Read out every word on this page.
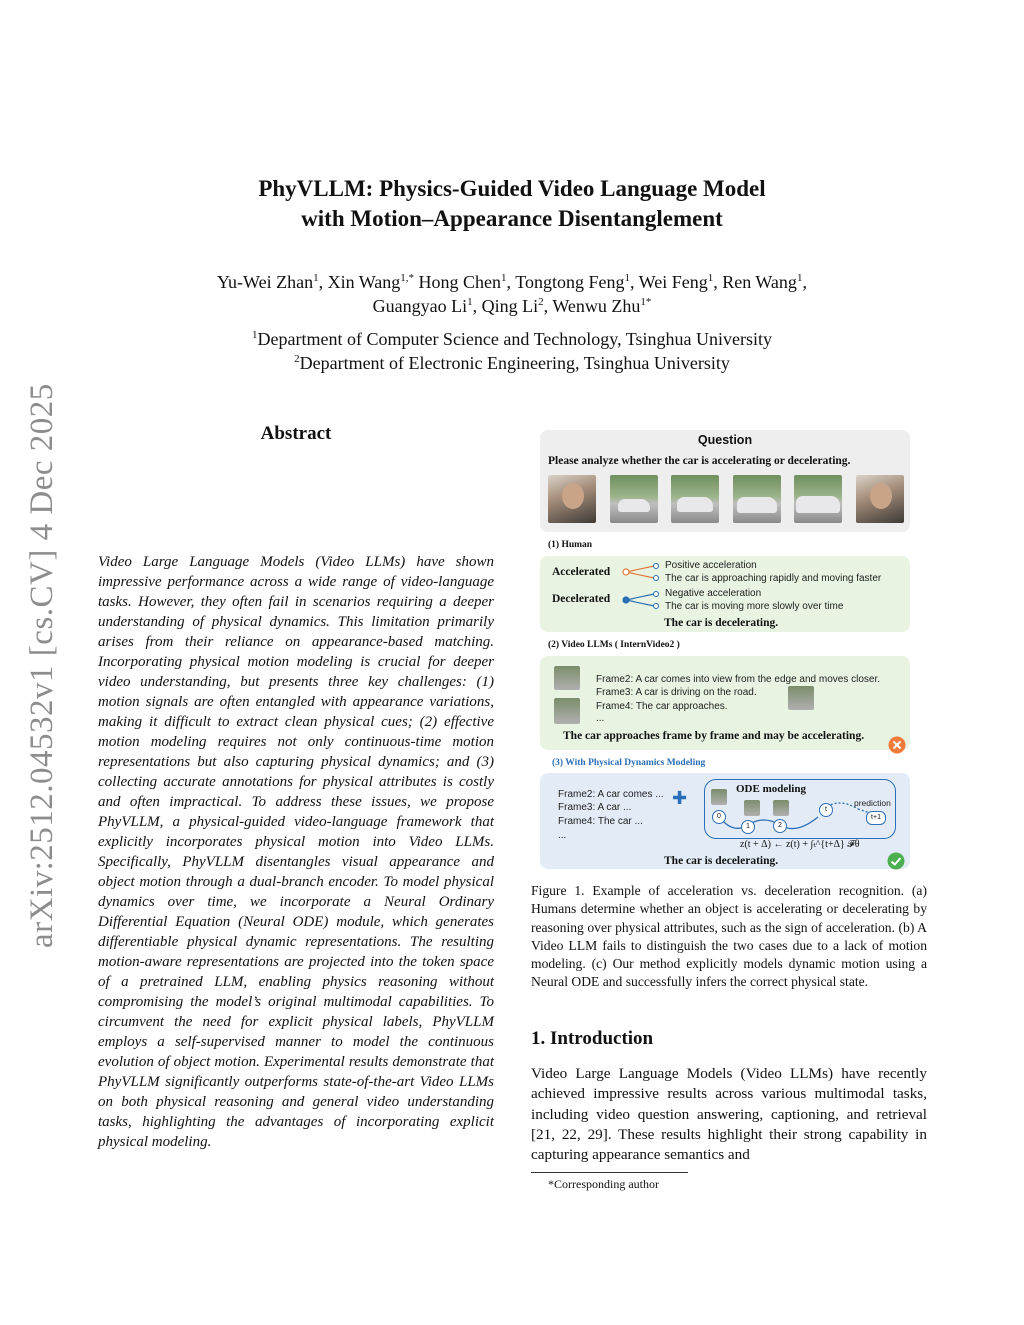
arXiv:2512.04532v1 [cs.CV] 4 Dec 2025
PhyVLLM: Physics-Guided Video Language Model
with Motion–Appearance Disentanglement
Yu-Wei Zhan$^1$, Xin Wang$^{1,*}$ Hong Chen$^1$, Tongtong Feng$^1$, Wei Feng$^1$, Ren Wang$^1$,
Guangyao Li$^1$, Qing Li$^2$, Wenwu Zhu$^{1*}$
$^1$Department of Computer Science and Technology, Tsinghua University
$^2$Department of Electronic Engineering, Tsinghua University
Abstract
Video Large Language Models (Video LLMs) have shown impressive performance across a wide range of video-language tasks. However, they often fail in scenarios requiring a deeper understanding of physical dynamics. This limitation primarily arises from their reliance on appearance-based matching. Incorporating physical motion modeling is crucial for deeper video understanding, but presents three key challenges: (1) motion signals are often entangled with appearance variations, making it difficult to extract clean physical cues; (2) effective motion modeling requires not only continuous-time motion representations but also capturing physical dynamics; and (3) collecting accurate annotations for physical attributes is costly and often impractical. To address these issues, we propose PhyVLLM, a physical-guided video-language framework that explicitly incorporates physical motion into Video LLMs. Specifically, PhyVLLM disentangles visual appearance and object motion through a dual-branch encoder. To model physical dynamics over time, we incorporate a Neural Ordinary Differential Equation (Neural ODE) module, which generates differentiable physical dynamic representations. The resulting motion-aware representations are projected into the token space of a pretrained LLM, enabling physics reasoning without compromising the model’s original multimodal capabilities. To circumvent the need for explicit physical labels, PhyVLLM employs a self-supervised manner to model the continuous evolution of object motion. Experimental results demonstrate that PhyVLLM significantly outperforms state-of-the-art Video LLMs on both physical reasoning and general video understanding tasks, highlighting the advantages of incorporating explicit physical modeling.
Question
Please analyze whether the car is accelerating or decelerating.
(1) Human
Accelerated
Decelerated
Positive acceleration
The car is approaching rapidly and moving faster
Negative acceleration
The car is moving more slowly over time
The car is decelerating.
(2) Video LLMs ( InternVideo2 )
Frame2: A car comes into view from the edge and moves closer.
Frame3: A car is driving on the road.
Frame4: The car approaches.
...
The car approaches frame by frame and may be accelerating.
(3) With Physical Dynamics Modeling
Frame2: A car comes ...
Frame3: A car ...
Frame4: The car ...
...
✚	ODE modeling
0
1	2
t
t+1
prediction
z(t + Δ) ← z(t) + ∫ₜ^{t+Δ} 𝓕θ
The car is decelerating.
Figure 1. Example of acceleration vs. deceleration recognition. (a) Humans determine whether an object is accelerating or decelerating by reasoning over physical attributes, such as the sign of acceleration. (b) A Video LLM fails to distinguish the two cases due to a lack of motion modeling. (c) Our method explicitly models dynamic motion using a Neural ODE and successfully infers the correct physical state.
1. Introduction
Video Large Language Models (Video LLMs) have recently achieved impressive results across various multimodal tasks, including video question answering, captioning, and retrieval [21, 22, 29]. These results highlight their strong capability in capturing appearance semantics and
*Corresponding author
